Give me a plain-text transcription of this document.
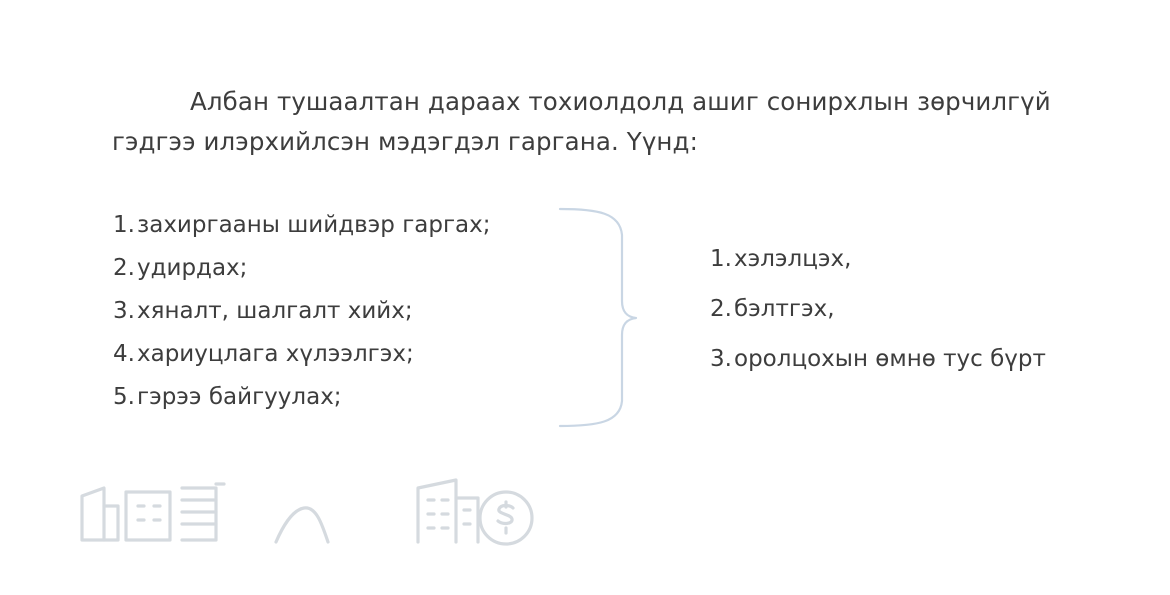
Албан тушаалтан дараах тохиолдолд ашиг сонирхлын зөрчилгүй гэдгээ илэрхийлсэн мэдэгдэл гаргана. Үүнд:
1.захиргааны шийдвэр гаргах;
2.удирдах;
3.хяналт, шалгалт хийх;
4.хариуцлага хүлээлгэх;
5.гэрээ байгуулах;
1.хэлэлцэх,
2.бэлтгэх,
3.оролцохын өмнө тус бүрт
